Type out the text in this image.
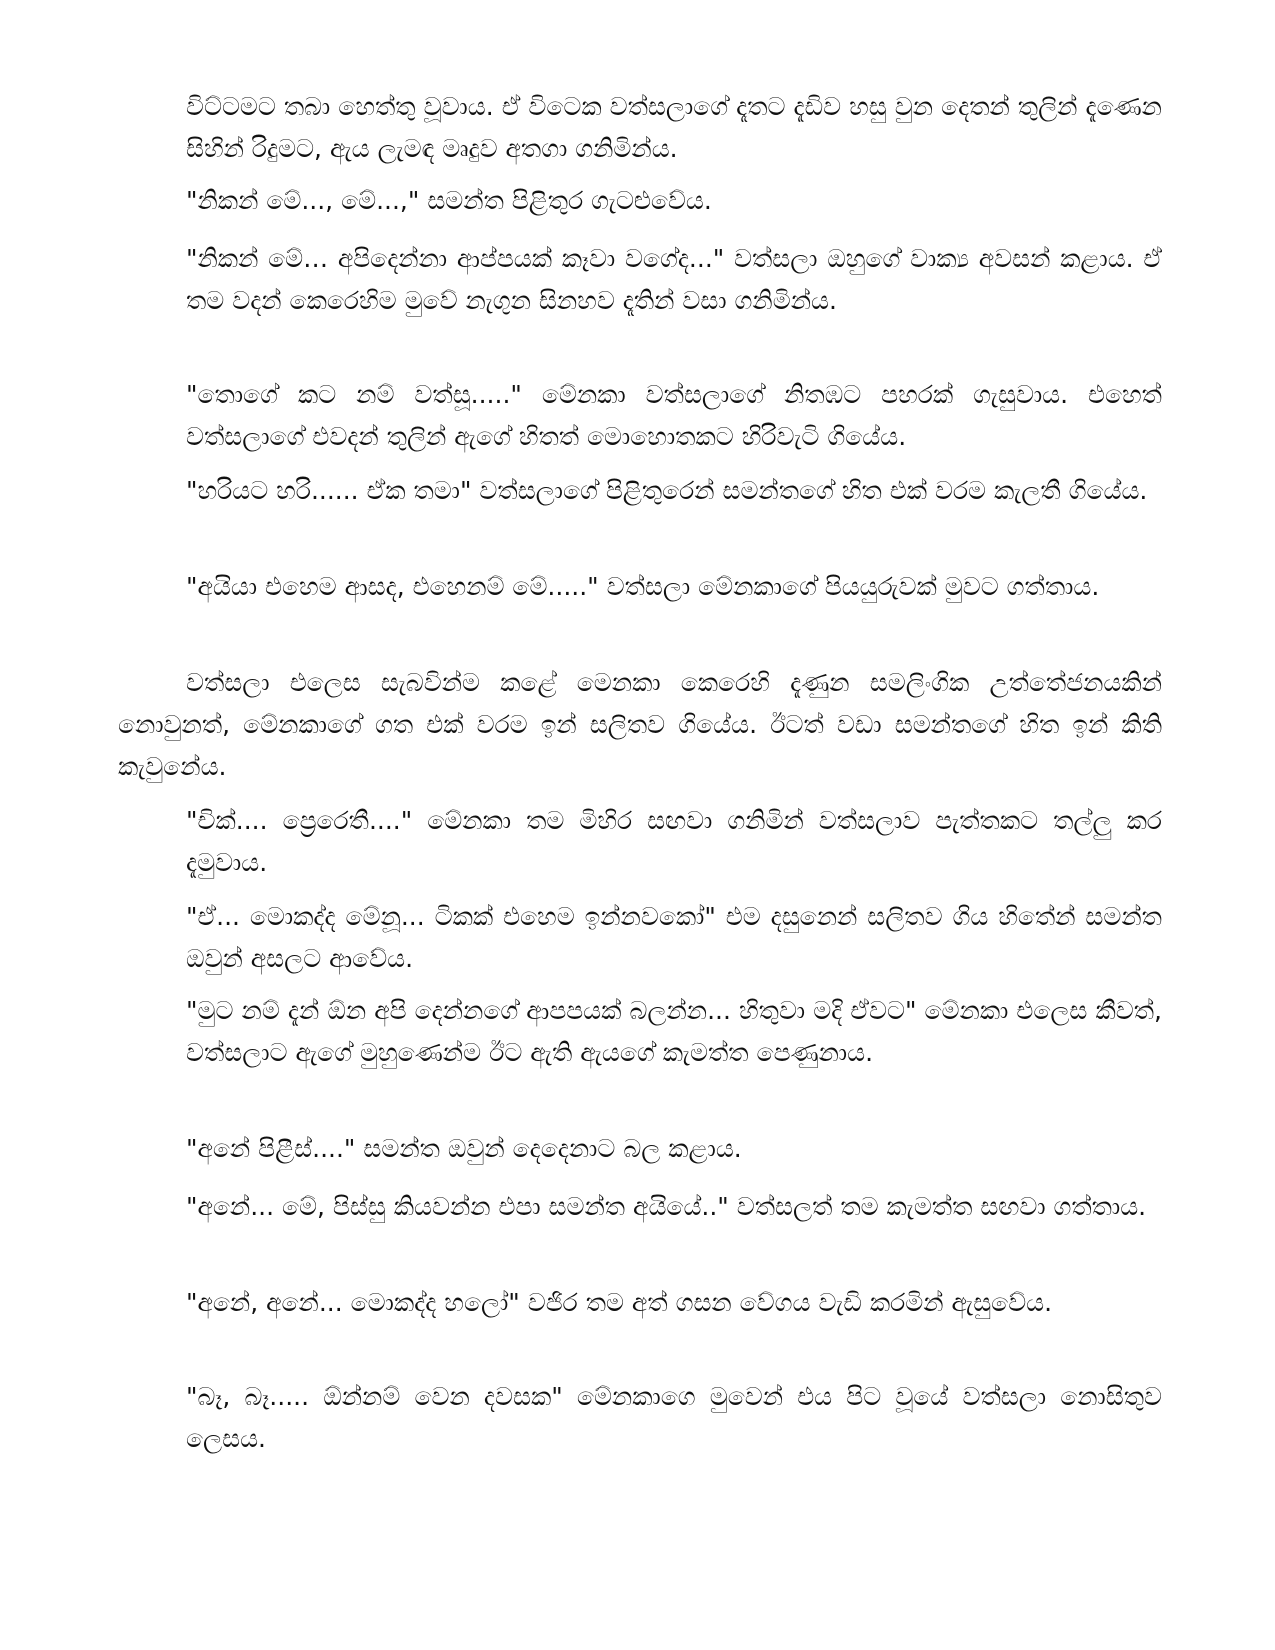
විට්ටමට තබා හෙත්තු වූවාය. ඒ විටෙක වත්සලාගේ දෑතට දැඩිව හසු වුන දෙතන් තුලින් දැණෙන සිහින් රිදුමට, ඇය ලැමඳ මෘදුව අතගා ගනිමින්ය.

"නිකන් මේ..., මේ...," සමන්ත පිළිතුර ගැටළුවේය.

"නිකන් මේ… අපිදෙන්නා ආප්පයක් කෑවා වගේද..." වත්සලා ඔහුගේ වාක්‍ය අවසන් කළාය. ඒ තම වදන් කෙරෙහිම මුවේ නැගුන සිනහව දෑතින් වසා ගනිමින්ය.

"තොගේ කට නම් වත්සූ....." මේනකා වත්සලාගේ නිතඹට පහරක් ගැසුවාය. එහෙත් වත්සලාගේ එවදන් තුලින් ඇගේ හිතත් මොහොතකට හිරිවැටි ගියේය.

"හරියට හරි...... ඒක තමා" වත්සලාගේ පිළිතුරෙන් සමන්තගේ හිත එක් වරම කැලතී ගියේය.

"අයියා එහෙම ආසද, එහෙනම් මේ....." වත්සලා මේනකාගේ පියයුරුවක් මුවට ගත්තාය.

වත්සලා එලෙස සැබවින්ම කළේ මෙනකා කෙරෙහි දැණුන සමලිංගික උත්තේජනයකින් නොවුනත්, මේනකාගේ ගත එක් වරම ඉන් සලිතව ගියේය. ඊටත් වඩා සමන්තගේ හිත ඉන් කිති කැවුනේය.

"චික්.... ප්‍රෙරෙතී...." මේනකා තම මිහිර සඟවා ගනිමින් වත්සලාව පැත්තකට තල්ලු කර දැමුවාය.

"ඒ... මොකද්ද මේනූ... ටිකක් එහෙම ඉන්නවකෝ" එම දසුනෙන් සලිතව ගිය හිතේන් සමන්ත ඔවුන් අසලට ආවේය.

"මුට නම් දැන් ඕන අපි දෙන්නගේ ආපපයක් බලන්න... හිතුවා මදි ඒවට" මේනකා එලෙස කීවත්, වත්සලාට ඇගේ මුහුණෙන්ම ඊට ඇති ඇයගේ කැමත්ත පෙණුනාය.

"අනේ පිළීස්...." සමන්ත ඔවුන් දෙදෙනාට බල කළාය.

"අනේ... මේ, පිස්සු කියවන්න එපා සමන්ත අයියේ.." වත්සලත් තම කැමත්ත සඟවා ගත්තාය.

"අනේ, අනේ... මොකද්ද හලෝ" වජිර තම අත් ගසන වේගය වැඩි කරමින් ඇසුවේය.

"බෑ, බෑ..... ඕන්නම් වෙන දවසක" මේනකාගෙ මුවෙන් එය පිට වූයේ වත්සලා නොසිතුව ලෙසය.
